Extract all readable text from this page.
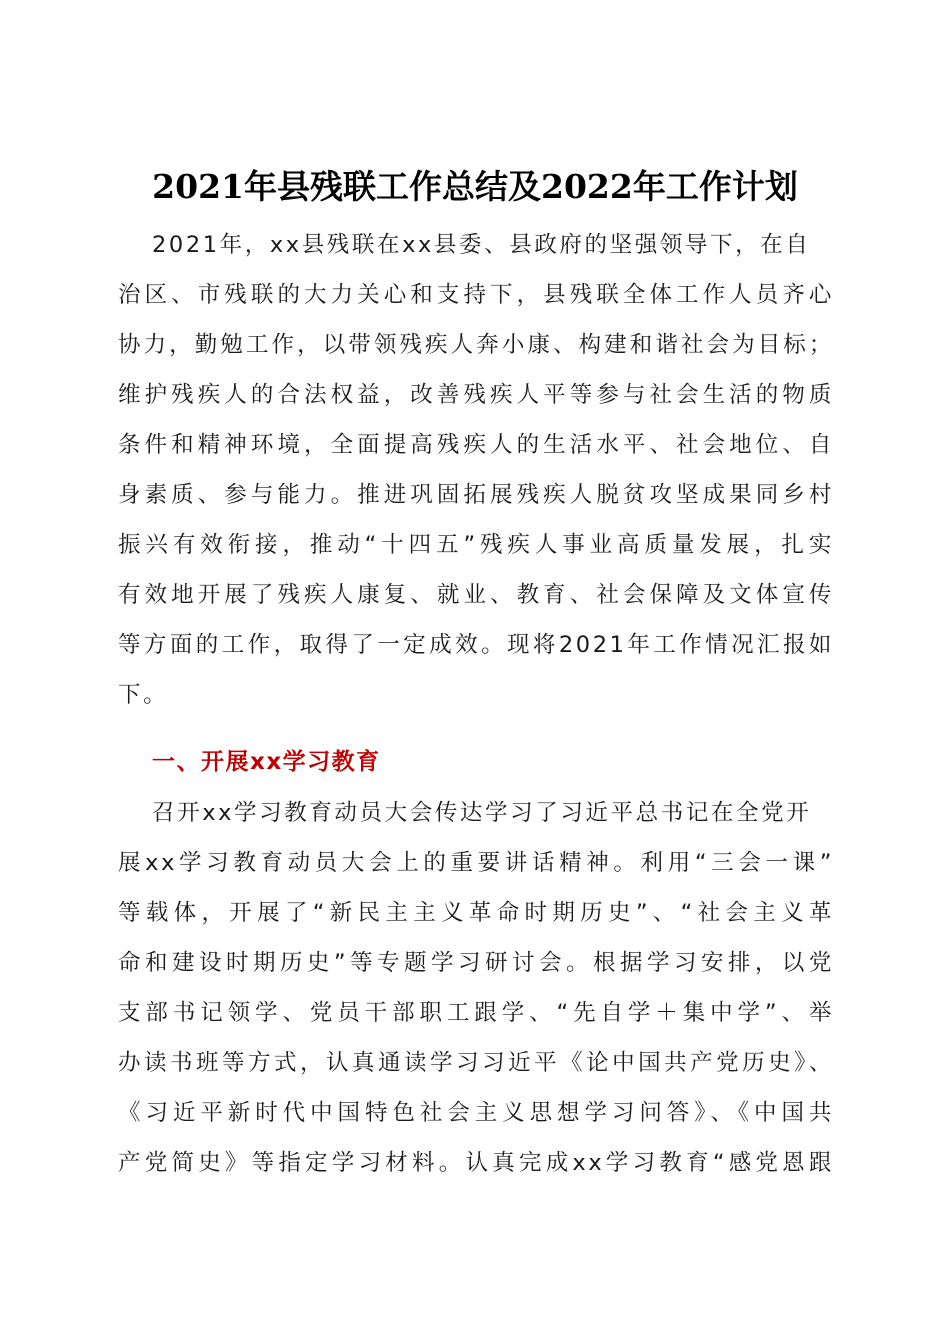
2021年县残联工作总结及2022年工作计划
2021年，xx县残联在xx县委、县政府的坚强领导下，在自
治区、市残联的大力关心和支持下，县残联全体工作人员齐心
协力，勤勉工作，以带领残疾人奔小康、构建和谐社会为目标；
维护残疾人的合法权益，改善残疾人平等参与社会生活的物质
条件和精神环境，全面提高残疾人的生活水平、社会地位、自
身素质、参与能力。推进巩固拓展残疾人脱贫攻坚成果同乡村
振兴有效衔接，推动“十四五”残疾人事业高质量发展，扎实
有效地开展了残疾人康复、就业、教育、社会保障及文体宣传
等方面的工作，取得了一定成效。现将2021年工作情况汇报如
下。
一、开展xx学习教育
召开xx学习教育动员大会传达学习了习近平总书记在全党开
展xx学习教育动员大会上的重要讲话精神。利用“三会一课”
等载体，开展了“新民主主义革命时期历史”、“社会主义革
命和建设时期历史”等专题学习研讨会。根据学习安排，以党
支部书记领学、党员干部职工跟学、“先自学＋集中学”、举
办读书班等方式，认真通读学习习近平《论中国共产党历史》、
《习近平新时代中国特色社会主义思想学习问答》、《中国共
产党简史》等指定学习材料。认真完成xx学习教育“感党恩跟
